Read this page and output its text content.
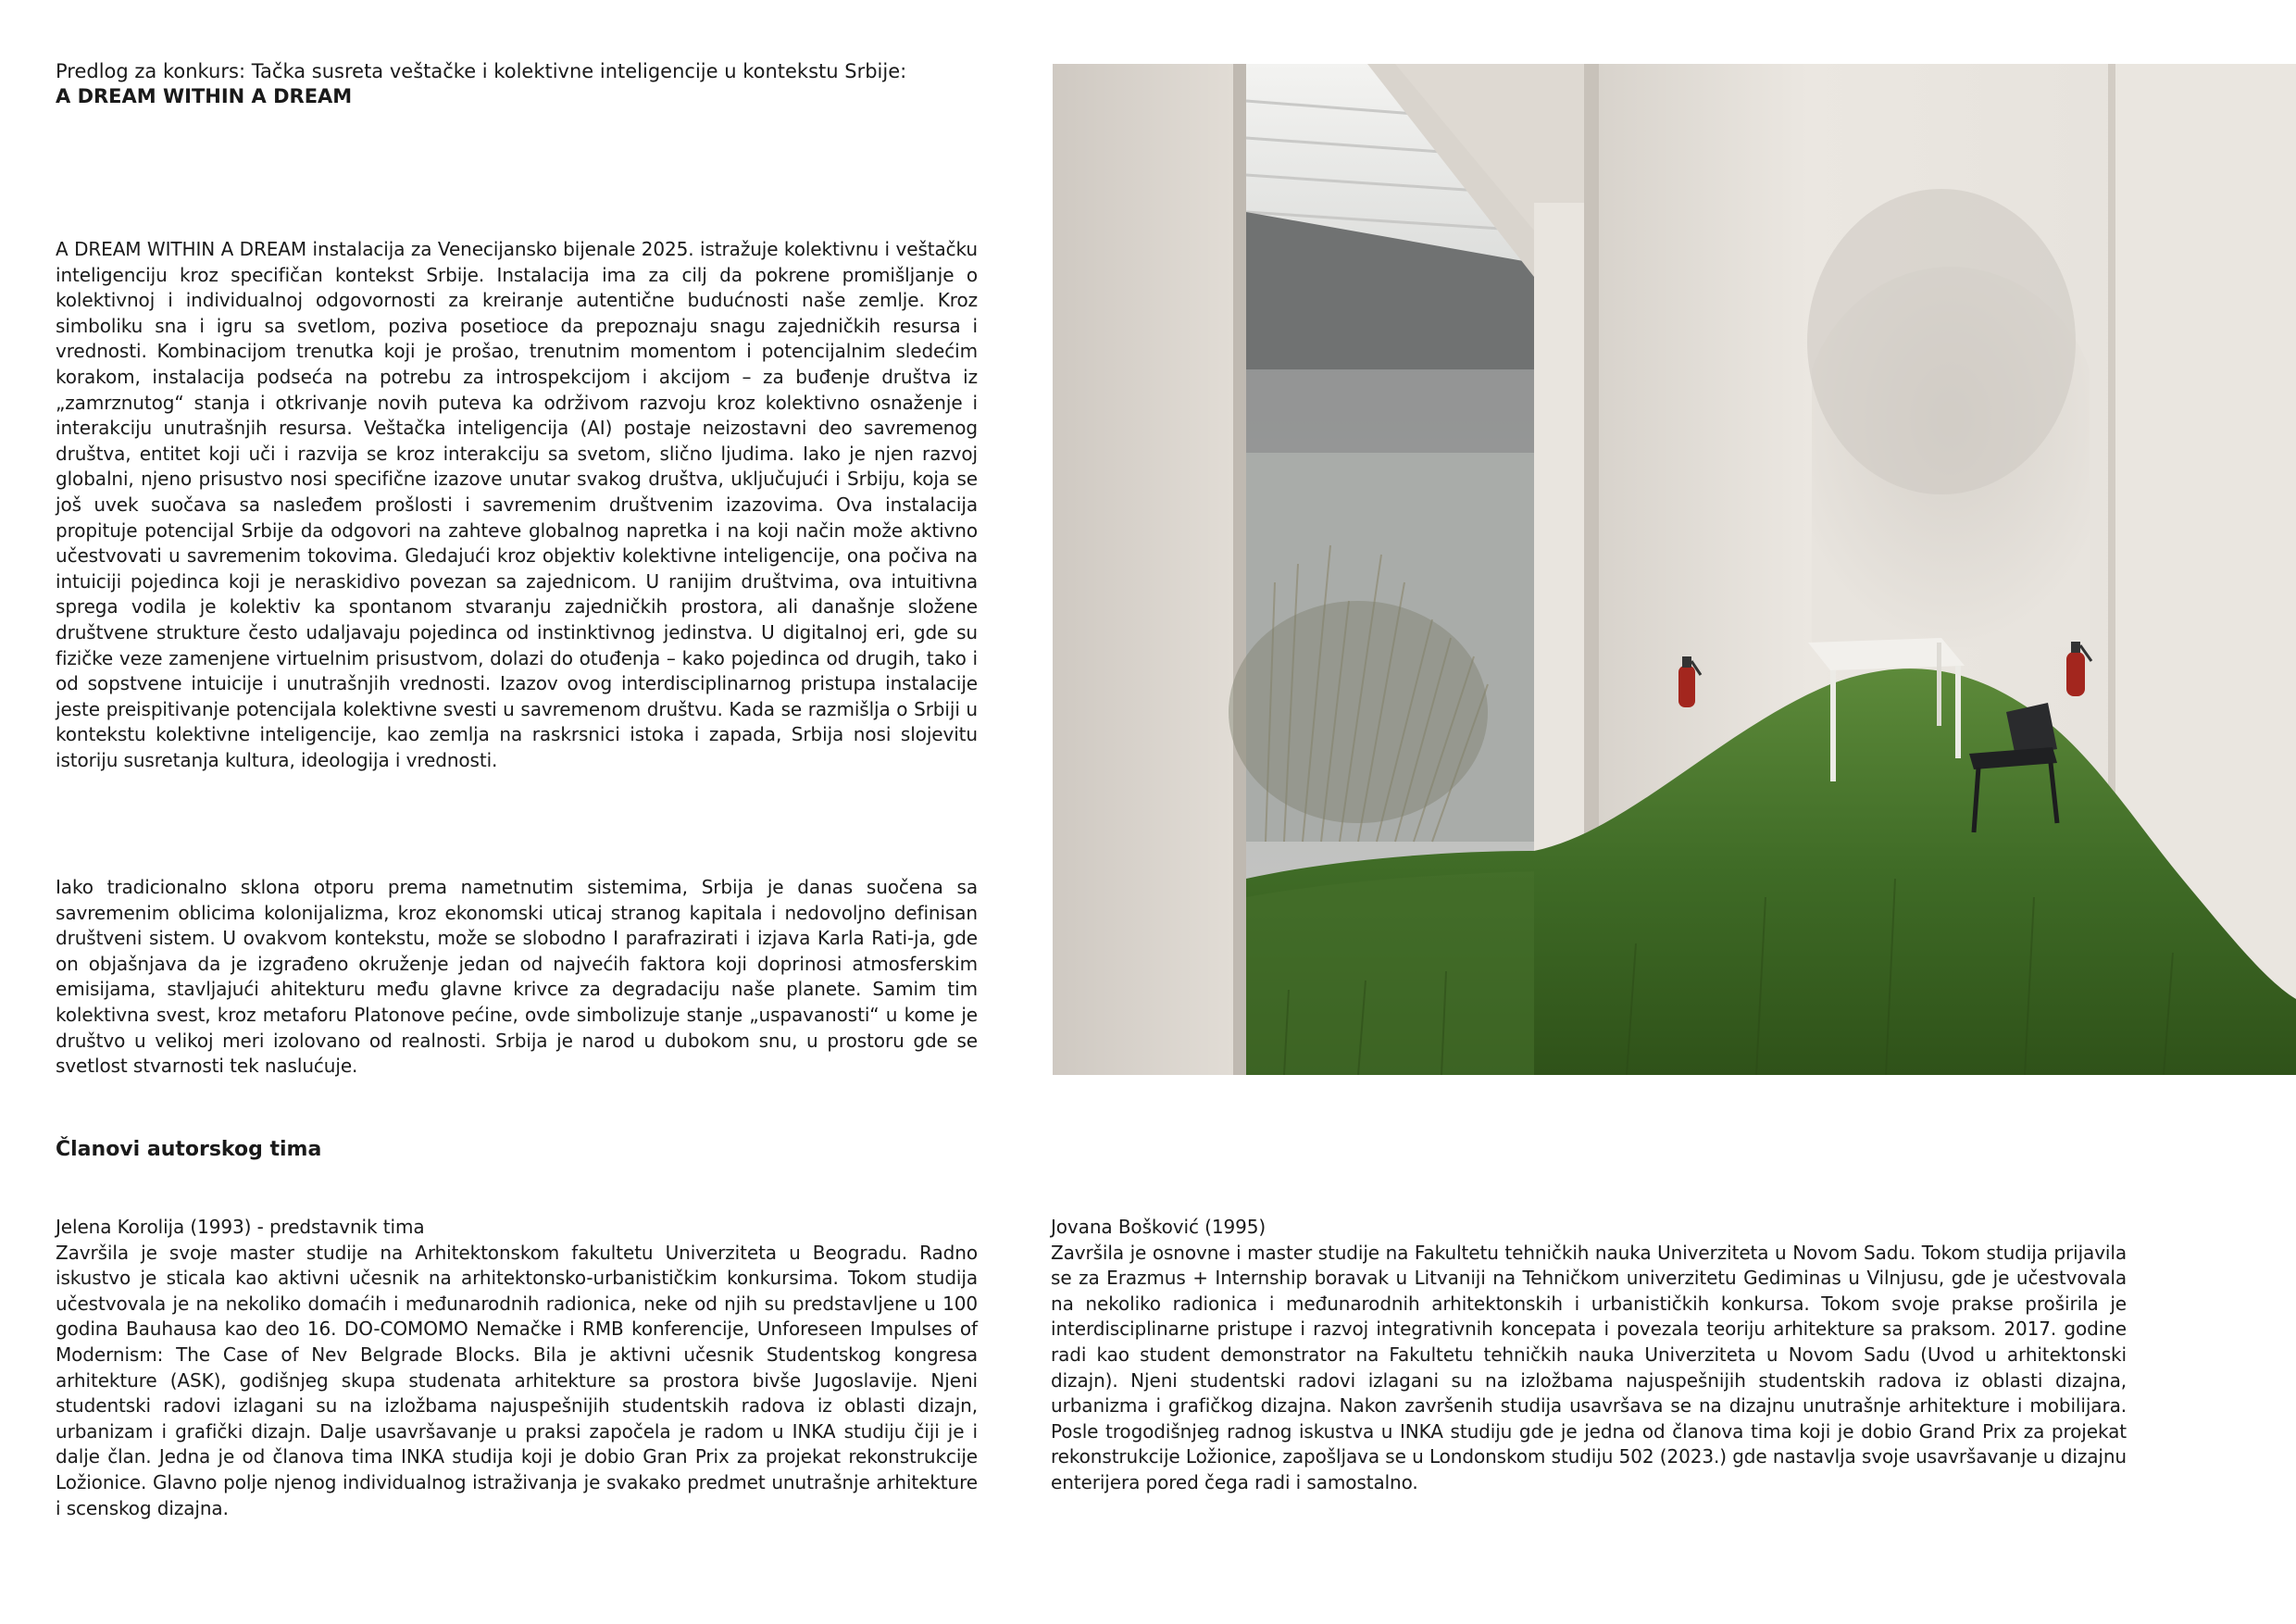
Predlog za konkurs: Tačka susreta veštačke i kolektivne inteligencije u kontekstu Srbije:
A DREAM WITHIN A DREAM
A DREAM WITHIN A DREAM instalacija za Venecijansko bijenale 2025. istražuje kolektivnu i veštačku inteligenciju kroz specifičan kontekst Srbije. Instalacija ima za cilj da pokrene promišljanje o kolektivnoj i individualnoj odgovornosti za kreiranje autentične budućnosti naše zemlje. Kroz simboliku sna i igru sa svetlom, poziva posetioce da prepoznaju snagu zajedničkih resursa i vrednosti. Kombinacijom trenutka koji je prošao, trenutnim momentom i potencijalnim sledećim korakom, instalacija podseća na potrebu za introspekcijom i akcijom – za buđenje društva iz „zamrznutog“ stanja i otkrivanje novih puteva ka održivom razvoju kroz kolektivno osnaženje i interakciju unutrašnjih resursa. Veštačka inteligencija (AI) postaje neizostavni deo savremenog društva, entitet koji uči i razvija se kroz interakciju sa svetom, slično ljudima. Iako je njen razvoj globalni, njeno prisustvo nosi specifične izazove unutar svakog društva, uključujući i Srbiju, koja se još uvek suočava sa nasleđem prošlosti i savremenim društvenim izazovima. Ova instalacija propituje potencijal Srbije da odgovori na zahteve globalnog napretka i na koji način može aktivno učestvovati u savremenim tokovima. Gledajući kroz objektiv kolektivne inteligencije, ona počiva na intuiciji pojedinca koji je neraskidivo povezan sa zajednicom. U ranijim društvima, ova intuitivna sprega vodila je kolektiv ka spontanom stvaranju zajedničkih prostora, ali današnje složene društvene strukture često udaljavaju pojedinca od instinktivnog jedinstva. U digitalnoj eri, gde su fizičke veze zamenjene virtuelnim prisustvom, dolazi do otuđenja – kako pojedinca od drugih, tako i od sopstvene intuicije i unutrašnjih vrednosti. Izazov ovog interdisciplinarnog pristupa instalacije jeste preispitivanje potencijala kolektivne svesti u savremenom društvu. Kada se razmišlja o Srbiji u kontekstu kolektivne inteligencije, kao zemlja na raskrsnici istoka i zapada, Srbija nosi slojevitu istoriju susretanja kultura, ideologija i vrednosti.
Iako tradicionalno sklona otporu prema nametnutim sistemima, Srbija je danas suočena sa savremenim oblicima kolonijalizma, kroz ekonomski uticaj stranog kapitala i nedovoljno definisan društveni sistem. U ovakvom kontekstu, može se slobodno I parafrazirati i izjava Karla Rati-ja, gde on objašnjava da je izgrađeno okruženje jedan od najvećih faktora koji doprinosi atmosferskim emisijama, stavljajući ahitekturu među glavne krivce za degradaciju naše planete. Samim tim kolektivna svest, kroz metaforu Platonove pećine, ovde simbolizuje stanje „uspavanosti“ u kome je društvo u velikoj meri izolovano od realnosti. Srbija je narod u dubokom snu, u prostoru gde se svetlost stvarnosti tek naslućuje.
Članovi autorskog tima
Jelena Korolija (1993) - predstavnik tima
Završila je svoje master studije na Arhitektonskom fakultetu Univerziteta u Beogradu. Radno iskustvo je sticala kao aktivni učesnik na arhitektonsko-urbanističkim konkursima. Tokom studija učestvovala je na nekoliko domaćih i međunarodnih radionica, neke od njih su predstavljene u 100 godina Bauhausa kao deo 16. DO-COMOMO Nemačke i RMB konferencije, Unforeseen Impulses of Modernism: The Case of Nev Belgrade Blocks. Bila je aktivni učesnik Studentskog kongresa arhitekture (ASK), godišnjeg skupa studenata arhitekture sa prostora bivše Jugoslavije. Njeni studentski radovi izlagani su na izložbama najuspešnijih studentskih radova iz oblasti dizajn, urbanizam i grafički dizajn. Dalje usavršavanje u praksi započela je radom u INKA studiju čiji je i dalje član. Jedna je od članova tima INKA studija koji je dobio Gran Prix za projekat rekonstrukcije Ložionice. Glavno polje njenog individualnog istraživanja je svakako predmet unutrašnje arhitekture i scenskog dizajna.
Jovana Bošković (1995)
Završila je osnovne i master studije na Fakultetu tehničkih nauka Univerziteta u Novom Sadu. Tokom studija prijavila se za Erazmus + Internship boravak u Litvaniji na Tehničkom univerzitetu Gediminas u Vilnjusu, gde je učestvovala na nekoliko radionica i međunarodnih arhitektonskih i urbanističkih konkursa. Tokom svoje prakse proširila je interdisciplinarne pristupe i razvoj integrativnih koncepata i povezala teoriju arhitekture sa praksom. 2017. godine radi kao student demonstrator na Fakultetu tehničkih nauka Univerziteta u Novom Sadu (Uvod u arhitektonski dizajn). Njeni studentski radovi izlagani su na izložbama najuspešnijih studentskih radova iz oblasti dizajna, urbanizma i grafičkog dizajna. Nakon završenih studija usavršava se na dizajnu unutrašnje arhitekture i mobilijara. Posle trogodišnjeg radnog iskustva u INKA studiju gde je jedna od članova tima koji je dobio Grand Prix za projekat rekonstrukcije Ložionice, zapošljava se u Londonskom studiju 502 (2023.) gde nastavlja svoje usavršavanje u dizajnu enterijera pored čega radi i samostalno.
